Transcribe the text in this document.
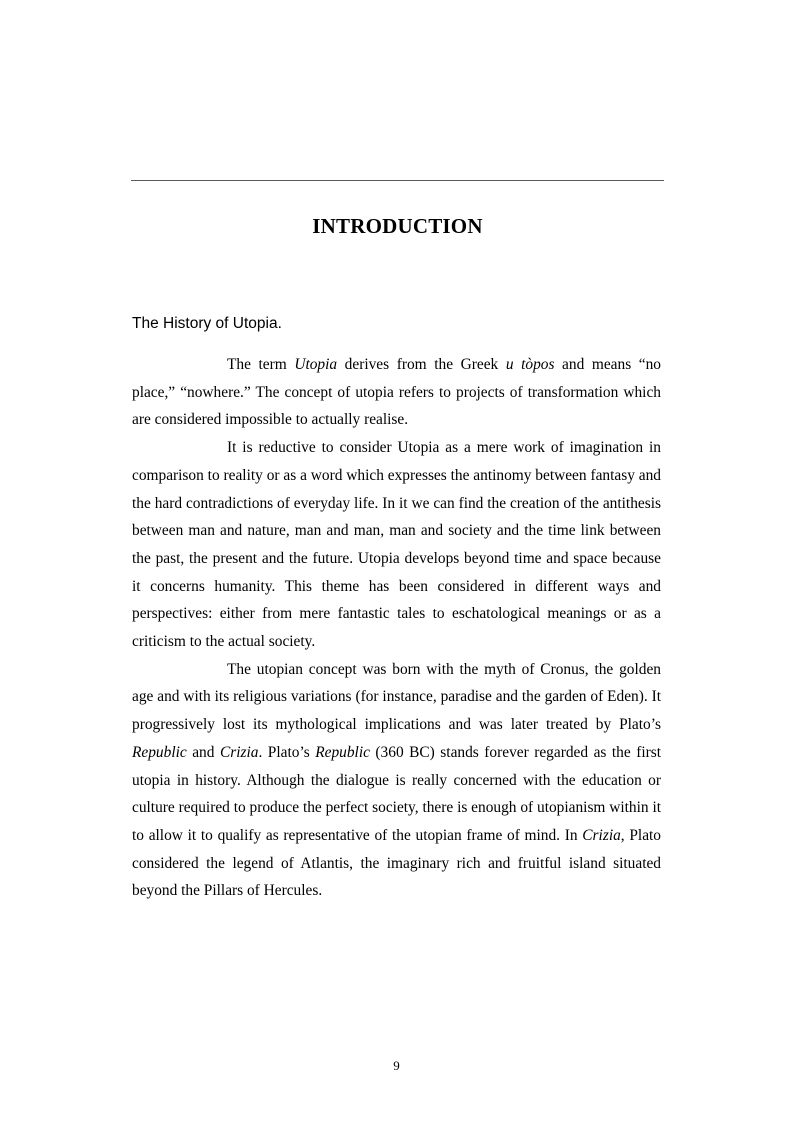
INTRODUCTION
The History of Utopia.

The term Utopia derives from the Greek u tòpos and means “no place,” “nowhere.” The concept of utopia refers to projects of transformation which are considered impossible to actually realise.

It is reductive to consider Utopia as a mere work of imagination in comparison to reality or as a word which expresses the antinomy between fantasy and the hard contradictions of everyday life. In it we can find the creation of the antithesis between man and nature, man and man, man and society and the time link between the past, the present and the future. Utopia develops beyond time and space because it concerns humanity. This theme has been considered in different ways and perspectives: either from mere fantastic tales to eschatological meanings or as a criticism to the actual society.

The utopian concept was born with the myth of Cronus, the golden age and with its religious variations (for instance, paradise and the garden of Eden). It progressively lost its mythological implications and was later treated by Plato’s Republic and Crizia. Plato’s Republic (360 BC) stands forever regarded as the first utopia in history. Although the dialogue is really concerned with the education or culture required to produce the perfect society, there is enough of utopianism within it to allow it to qualify as representative of the utopian frame of mind. In Crizia, Plato considered the legend of Atlantis, the imaginary rich and fruitful island situated beyond the Pillars of Hercules.

9
